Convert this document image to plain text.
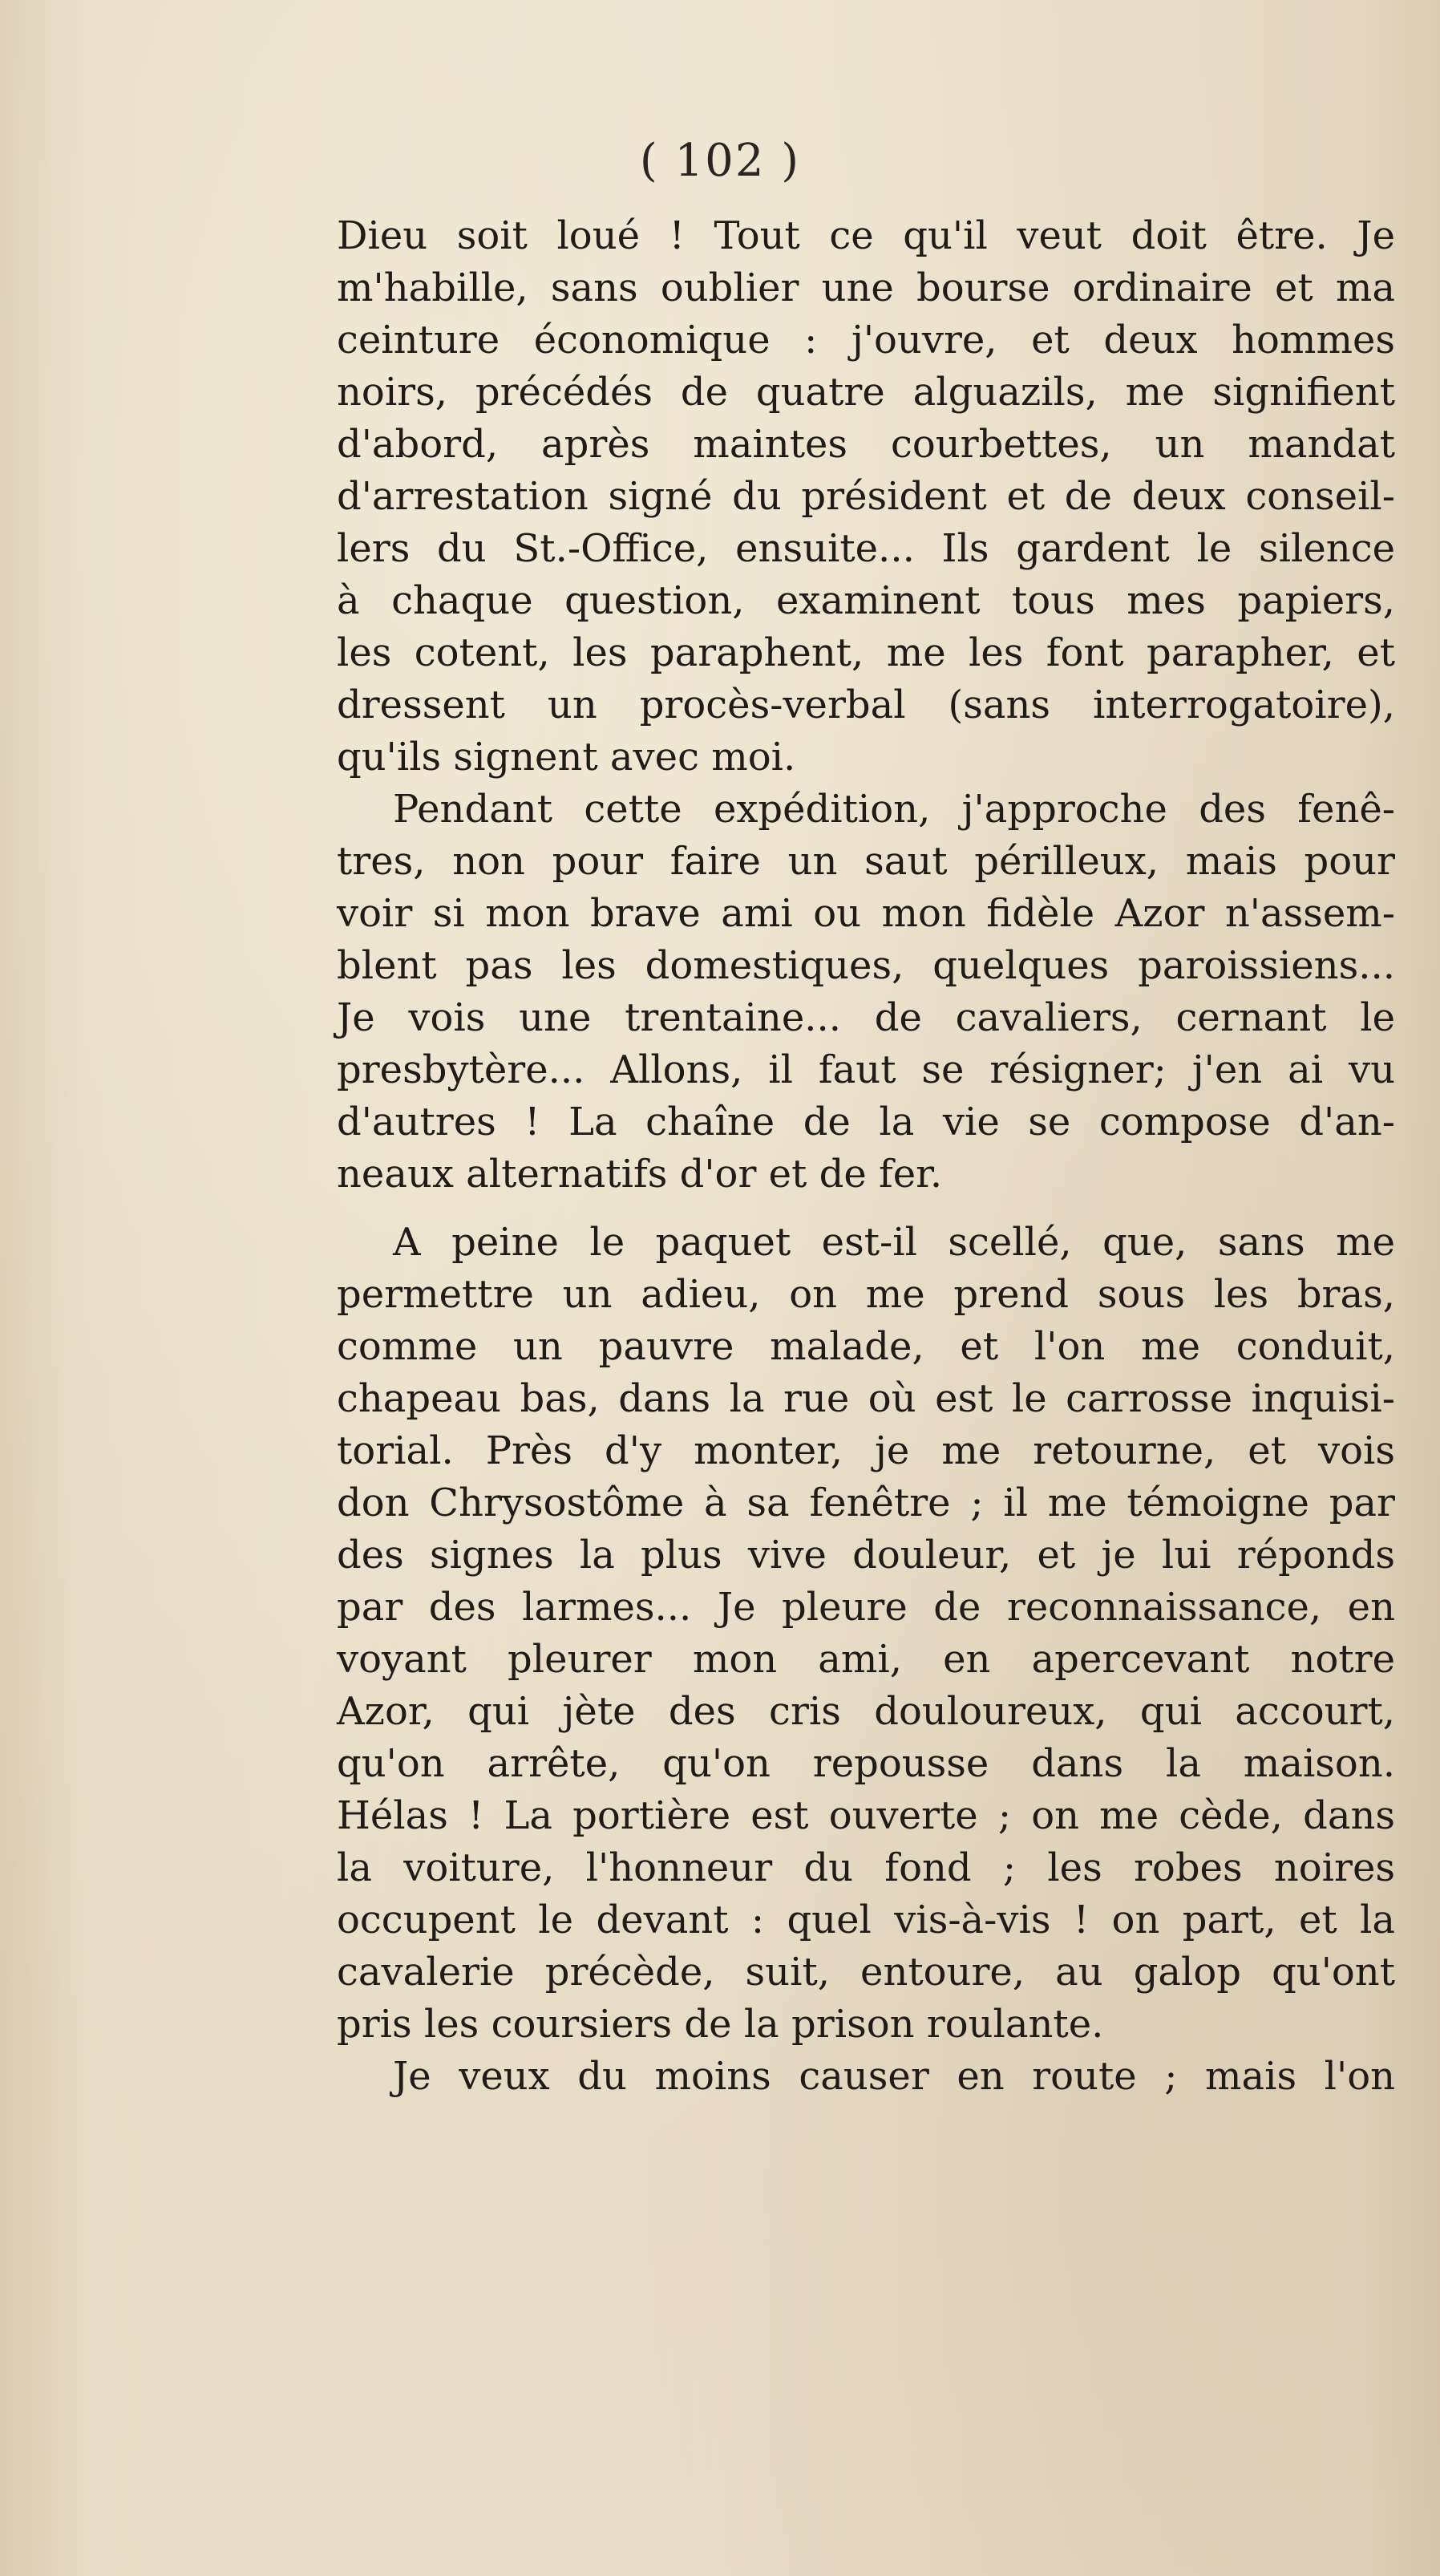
( 102 )
Dieu soit loué ! Tout ce qu'il veut doit être. Je
m'habille, sans oublier une bourse ordinaire et ma
ceinture économique : j'ouvre, et deux hommes
noirs, précédés de quatre alguazils, me signifient
d'abord, après maintes courbettes, un mandat
d'arrestation signé du président et de deux conseil-
lers du St.-Office, ensuite... Ils gardent le silence
à chaque question, examinent tous mes papiers,
les cotent, les paraphent, me les font parapher, et
dressent un procès-verbal (sans interrogatoire),
qu'ils signent avec moi.
Pendant cette expédition, j'approche des fenê-
tres, non pour faire un saut périlleux, mais pour
voir si mon brave ami ou mon fidèle Azor n'assem-
blent pas les domestiques, quelques paroissiens...
Je vois une trentaine... de cavaliers, cernant le
presbytère... Allons, il faut se résigner; j'en ai vu
d'autres ! La chaîne de la vie se compose d'an-
neaux alternatifs d'or et de fer.
A peine le paquet est-il scellé, que, sans me
permettre un adieu, on me prend sous les bras,
comme un pauvre malade, et l'on me conduit,
chapeau bas, dans la rue où est le carrosse inquisi-
torial. Près d'y monter, je me retourne, et vois
don Chrysostôme à sa fenêtre ; il me témoigne par
des signes la plus vive douleur, et je lui réponds
par des larmes... Je pleure de reconnaissance, en
voyant pleurer mon ami, en apercevant notre
Azor, qui jète des cris douloureux, qui accourt,
qu'on arrête, qu'on repousse dans la maison.
Hélas ! La portière est ouverte ; on me cède, dans
la voiture, l'honneur du fond ; les robes noires
occupent le devant : quel vis-à-vis ! on part, et la
cavalerie précède, suit, entoure, au galop qu'ont
pris les coursiers de la prison roulante.
Je veux du moins causer en route ; mais l'on
